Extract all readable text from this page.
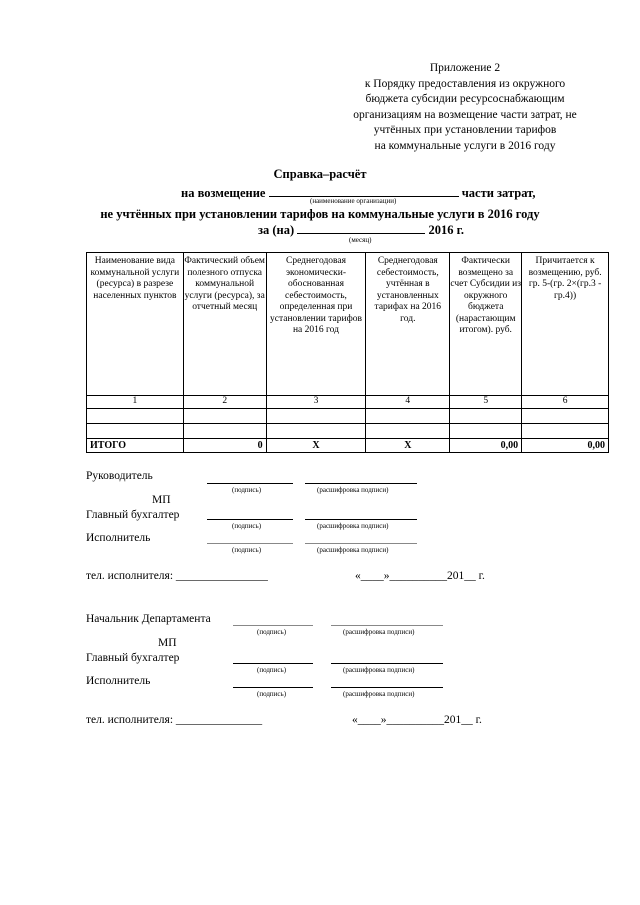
Приложение 2
к Порядку предоставления из окружного
бюджета субсидии ресурсоснабжающим
организациям на возмещение части затрат, не
учтённых при установлении тарифов
на коммунальные услуги в 2016 году
Справка–расчёт
на возмещение	части затрат,
(наименование организации)
не учтённых при установлении тарифов на коммунальные услуги в 2016 году
за (на)	2016 г.
(месяц)
Наименование вида коммунальной услуги (ресурса) в разрезе населенных пунктов	Фактический объем полезного отпуска коммунальной услуги (ресурса), за отчетный месяц	Среднегодовая экономически-обоснованная себестоимость, определенная при установлении тарифов на 2016 год	Среднегодовая себестоимость, учтённая в установленных тарифах на 2016 год.	Фактически возмещено за счет Субсидии из окружного бюджета (нарастающим итогом). руб.	Причитается к возмещению, руб. гр. 5-(гр. 2×(гр.3 - гр.4))
1	2	3	4	5	6

ИТОГО	0	Х	Х	0,00	0,00
Руководитель
(подпись)	(расшифровка подписи)
МП
Главный бухгалтер
(подпись)	(расшифровка подписи)
Исполнитель
(подпись)	(расшифровка подписи)
тел. исполнителя: ________________	«____»__________201__ г.
Начальник Департамента
(подпись)	(расшифровка подписи)
МП
Главный бухгалтер
(подпись)	(расшифровка подписи)
Исполнитель
(подпись)	(расшифровка подписи)
тел. исполнителя: _______________	«____»__________201__ г.
